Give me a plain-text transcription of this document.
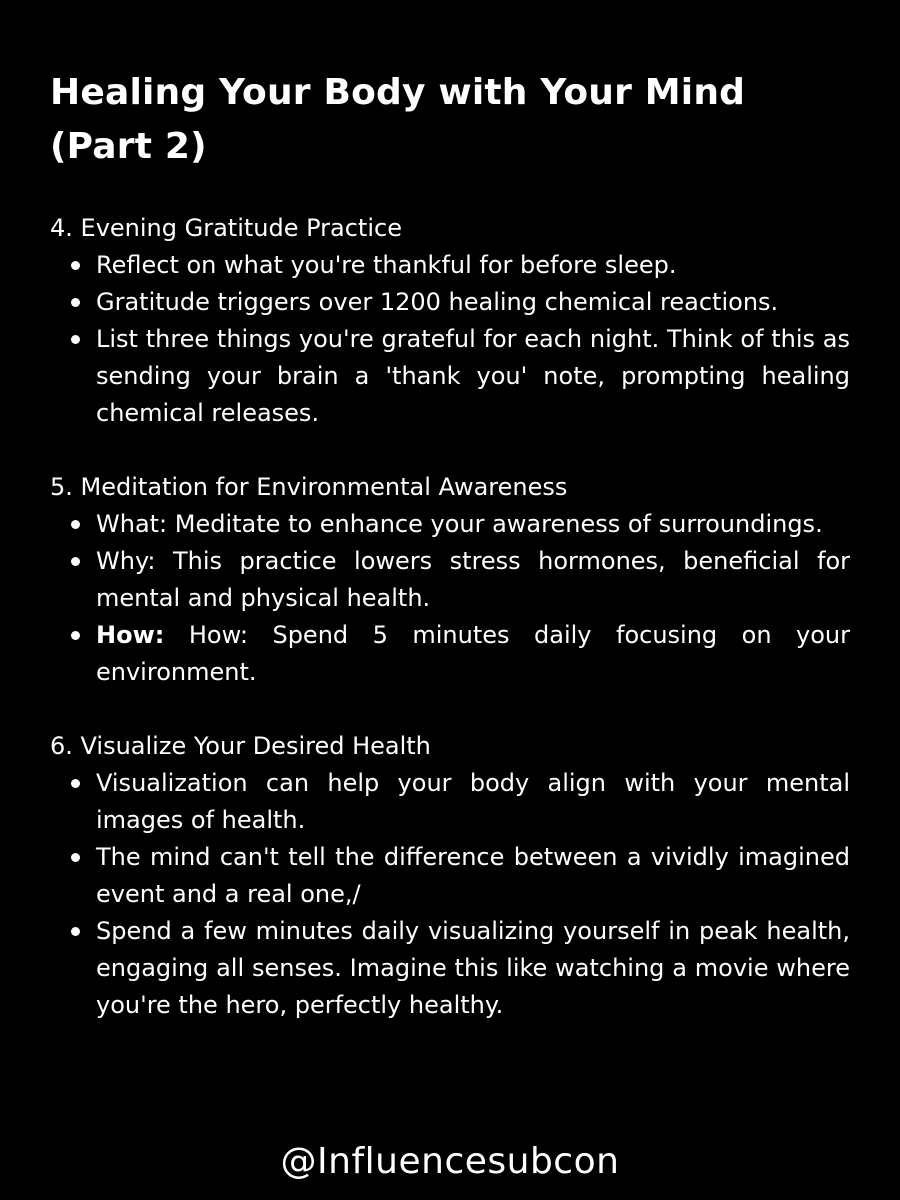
Healing Your Body with Your Mind
(Part 2)

4. Evening Gratitude Practice

Reflect on what you're thankful for before sleep.
Gratitude triggers over 1200 healing chemical reactions.
List three things you're grateful for each night. Think of this as sending your brain a 'thank you' note, prompting healing chemical releases.

5. Meditation for Environmental Awareness

What: Meditate to enhance your awareness of surroundings.
Why: This practice lowers stress hormones, beneficial for mental and physical health.
How: How: Spend 5 minutes daily focusing on your environment.

6. Visualize Your Desired Health

Visualization can help your body align with your mental images of health.
The mind can't tell the difference between a vividly imagined event and a real one,/
Spend a few minutes daily visualizing yourself in peak health, engaging all senses. Imagine this like watching a movie where you're the hero, perfectly healthy.
@Influencesubcon
